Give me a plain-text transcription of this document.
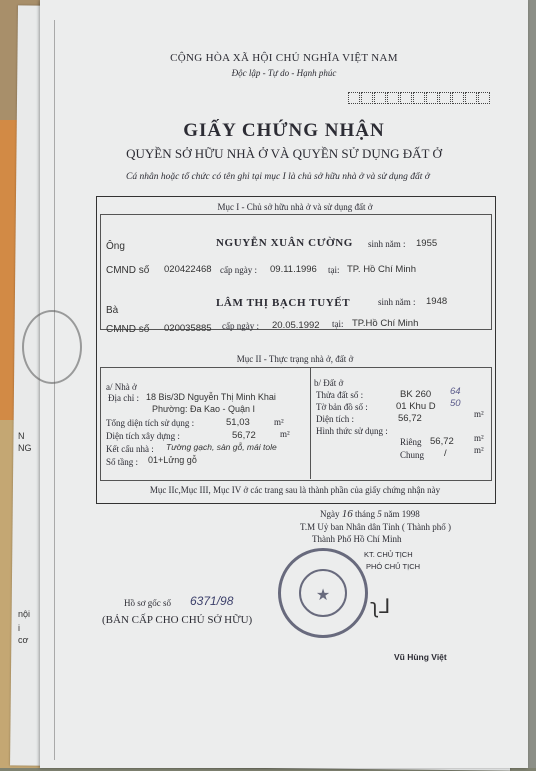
N
NG
nội
i cơ
CỘNG HÒA XÃ HỘI CHỦ NGHĨA VIỆT NAM
Độc lập - Tự do - Hạnh phúc
GIẤY CHỨNG NHẬN
QUYỀN SỞ HỮU NHÀ Ở VÀ QUYỀN SỬ DỤNG ĐẤT Ở
Cá nhân hoặc tổ chức có tên ghi tại mục I là chủ sở hữu nhà ở và sử dụng đất ở
Mục I - Chủ sở hữu nhà ở và sử dụng đất ở
Ông	NGUYỄN XUÂN CƯỜNG sinh năm : 1955
CMND số 020422468 cấp ngày : 09.11.1996 tại: TP. Hồ Chí Minh
Bà
LÂM THỊ BẠCH TUYẾT	sinh năm : 1948
CMND số 020035885 cấp ngày : 20.05.1992 tại: TP.Hồ Chí Minh
Mục II - Thực trạng nhà ở, đất ở
a/ Nhà ở
Địa chỉ : 18 Bis/3D Nguyễn Thị Minh Khai
Phường: Đa Kao - Quận I
Tổng diện tích sử dụng :	51,03	m²
Diện tích xây dựng :	56,72	m²
Kết cấu nhà : Tường gạch, sàn gỗ, mái tole
Số tầng : 01+Lửng gỗ
b/ Đất ở
Thửa đất số :	BK 260 64
Tờ bản đồ số :	01 Khu D 50
Diện tích :	56,72	m²
Hình thức sử dụng :
Riêng 56,72 m²
Chung /	m²
Mục IIc,Mục III, Mục IV ở các trang sau là thành phần của giấy chứng nhận này
Ngày 16 tháng 5 năm 1998
T.M Uỷ ban Nhân dân Tỉnh ( Thành phố )
Thành Phố Hồ Chí Minh
KT. CHỦ TỊCH
PHÓ CHỦ TỊCH
★	ʅ⅃
Vũ Hùng Việt
Hồ sơ gốc số 6371/98
(BẢN CẤP CHO CHỦ SỞ HỮU)
